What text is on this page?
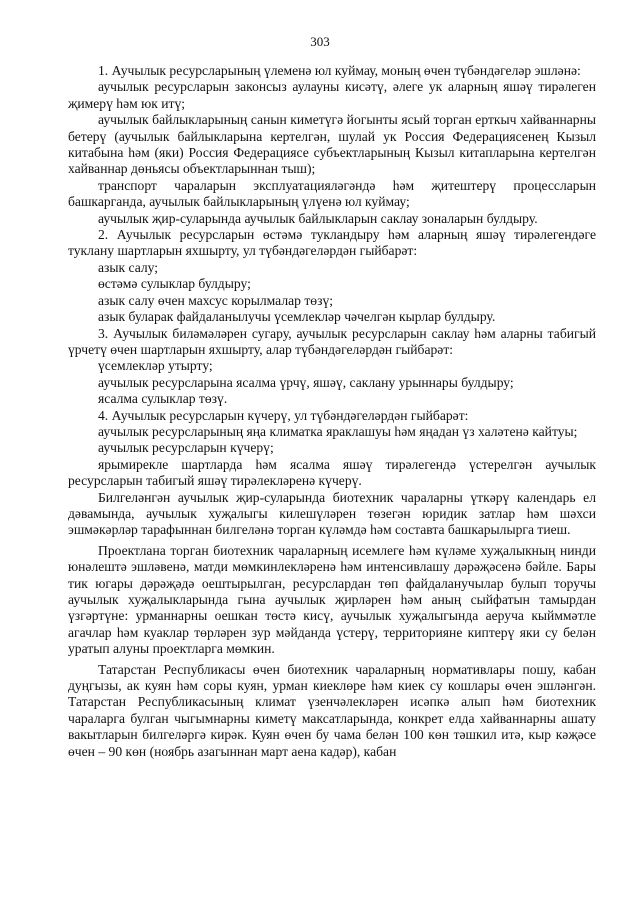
303

1. Аучылык ресурсларының үлеменә юл куймау, моның өчен түбәндәгеләр эшләнә:

аучылык ресурсларын законсыз аулауны кисәтү, әлеге ук аларның яшәү тирәлеген җимерү һәм юк итү;

аучылык байлыкларының санын киметүгә йогынты ясый торган ерткыч хайваннарны бетерү (аучылык байлыкларына кертелгән, шулай ук Россия Федерациясенең Кызыл китабына һәм (яки) Россия Федерациясе субъектларының Кызыл китапларына кертелгән хайваннар дөньясы объектларыннан тыш);

транспорт чараларын эксплуатацияләгәндә һәм җитештерү процессларын башкарганда, аучылык байлыкларының үлүенә юл куймау;

аучылык җир-суларында аучылык байлыкларын саклау зоналарын булдыру.

2. Аучылык ресурсларын өстәмә тукландыру һәм аларның яшәү тирәлегендәге туклану шартларын яхшырту, ул түбәндәгеләрдән гыйбарәт:

азык салу;

өстәмә сулыклар булдыру;

азык салу өчен махсус корылмалар төзү;

азык буларак файдаланылучы үсемлекләр чәчелгән кырлар булдыру.

3. Аучылык биләмәләрен сугару, аучылык ресурсларын саклау һәм аларны табигый үрчетү өчен шартларын яхшырту, алар түбәндәгеләрдән гыйбарәт:

үсемлекләр утырту;

аучылык ресурсларына ясалма үрчү, яшәү, саклану урыннары булдыру;

ясалма сулыклар төзү.

4. Аучылык ресурсларын күчерү, ул түбәндәгеләрдән гыйбарәт:

аучылык ресурсларының яңа климатка яраклашуы һәм яңадан үз халәтенә кайтуы;

аучылык ресурсларын күчерү;

ярымирекле шартларда һәм ясалма яшәү тирәлегендә үстерелгән аучылык ресурсларын табигый яшәү тирәлекләренә күчерү.

Билгеләнгән аучылык җир-суларында биотехник чараларны үткәрү календарь ел дәвамында, аучылык хуҗалыгы килешүләрен төзегән юридик затлар һәм шәхси эшмәкәрләр тарафыннан билгеләнә торган күләмдә һәм составта башкарылырга тиеш.

Проектлана торган биотехник чараларның исемлеге һәм күләме хуҗалыкның нинди юнәлештә эшләвенә, матди мөмкинлекләренә һәм интенсивлашу дәрәҗәсенә бәйле. Бары тик югары дәрәҗәдә оештырылган, ресурслардан төп файдаланучылар булып торучы аучылык хуҗалыкларында гына аучылык җирләрен һәм аның сыйфатын тамырдан үзгәртүне: урманнарны оешкан төстә кисү, аучылык хуҗалыгында аеруча кыйммәтле агачлар һәм куаклар төрләрен зур мәйданда үстерү, территорияне киптерү яки су белән уратып алуны проектларга мөмкин.

Татарстан Республикасы өчен биотехник чараларның нормативлары пошу, кабан дуңгызы, ак куян һәм соры куян, урман киеклөре һәм киек су кошлары өчен эшләнгән. Татарстан Республикасының климат үзенчәлекләрен исәпкә алып һәм биотехник чараларга булган чыгымнарны киметү максатларында, конкрет елда хайваннарны ашату вакытларын билгеләргә кирәк. Куян өчен бу чама белән 100 көн тәшкил итә, кыр кәҗәсе өчен – 90 көн (ноябрь азагыннан март аена кадәр), кабан
